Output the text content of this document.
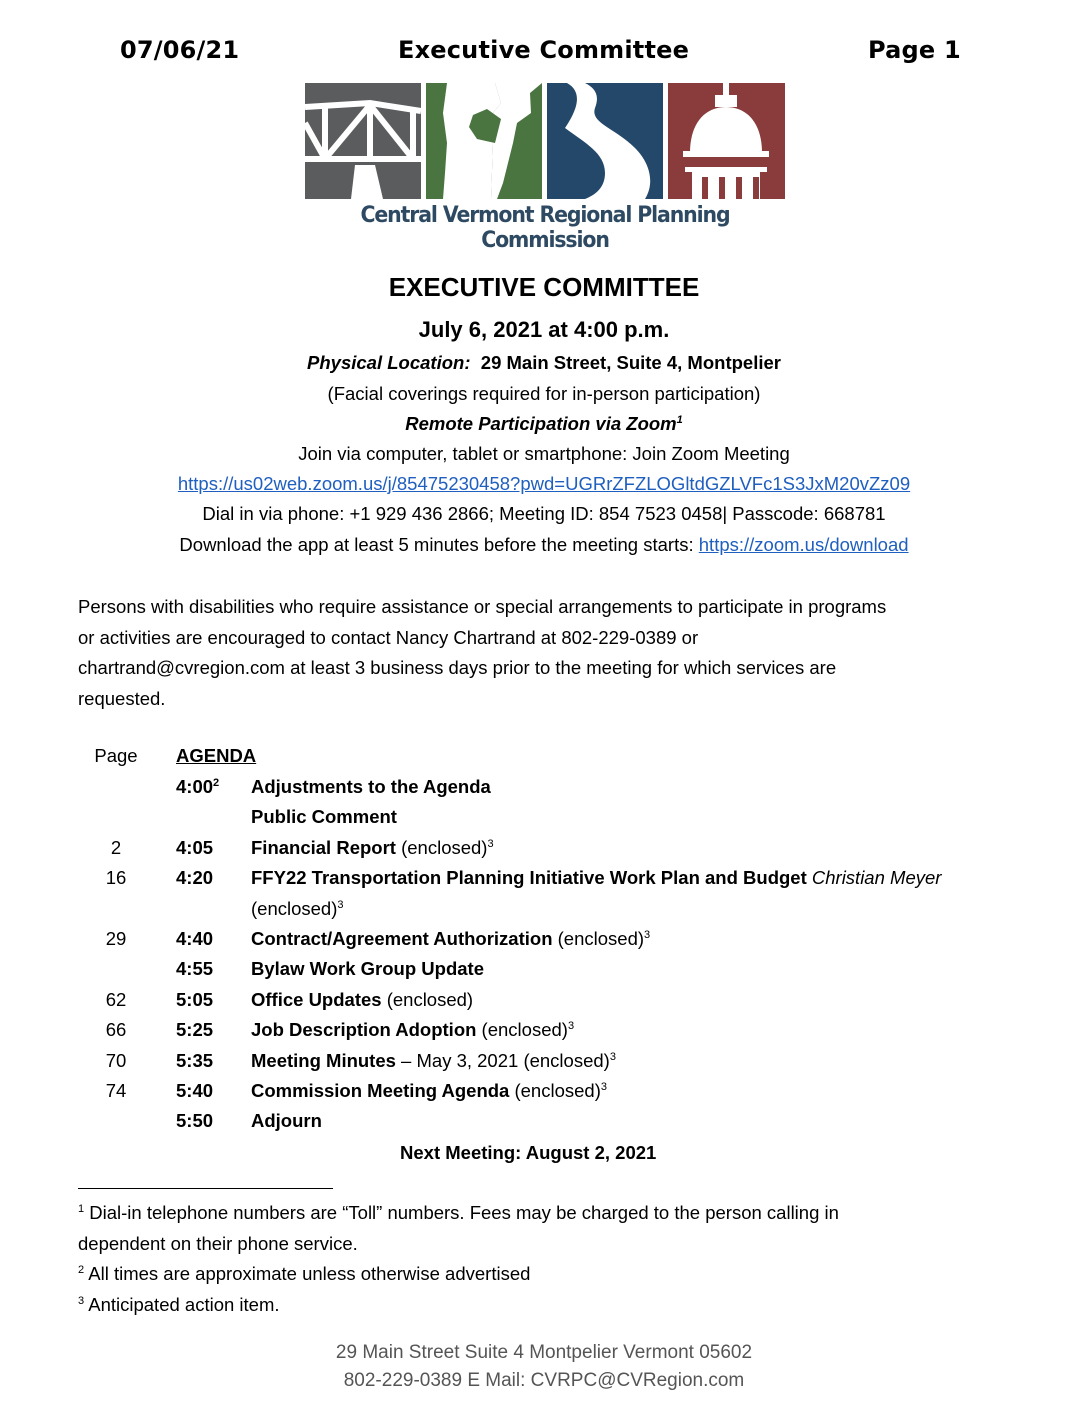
07/06/21	Executive Committee	Page 1
Central Vermont Regional Planning Commission
EXECUTIVE COMMITTEE
July 6, 2021 at 4:00 p.m.
Physical Location: 29 Main Street, Suite 4, Montpelier
(Facial coverings required for in-person participation)
Remote Participation via Zoom$^1$
Join via computer, tablet or smartphone: Join Zoom Meeting
https://us02web.zoom.us/j/85475230458?pwd=UGRrZFZLOGltdGZLVFc1S3JxM20vZz09
Dial in via phone: +1 929 436 2866; Meeting ID: 854 7523 0458| Passcode: 668781
Download the app at least 5 minutes before the meeting starts: https://zoom.us/download
Persons with disabilities who require assistance or special arrangements to participate in programs
or activities are encouraged to contact Nancy Chartrand at 802-229-0389 or
chartrand@cvregion.com at least 3 business days prior to the meeting for which services are
requested.
Page AGENDA
$4:00^2$ Adjustments to the Agenda
Public Comment
2	4:05 Financial Report (enclosed)$^3$
16	4:20 FFY22 Transportation Planning Initiative Work Plan and Budget Christian Meyer
(enclosed)$^3$
29	4:40 Contract/Agreement Authorization (enclosed)$^3$
4:55 Bylaw Work Group Update
62	5:05 Office Updates (enclosed)
66	5:25 Job Description Adoption (enclosed)$^3$
70	5:35 Meeting Minutes – May 3, 2021 (enclosed)$^3$
74	5:40 Commission Meeting Agenda (enclosed)$^3$
5:50 Adjourn
Next Meeting: August 2, 2021
$^1$ Dial-in telephone numbers are “Toll” numbers. Fees may be charged to the person calling in
dependent on their phone service.
$^2$ All times are approximate unless otherwise advertised
$^3$ Anticipated action item.
29 Main Street Suite 4 Montpelier Vermont 05602
802-229-0389 E Mail: CVRPC@CVRegion.com
